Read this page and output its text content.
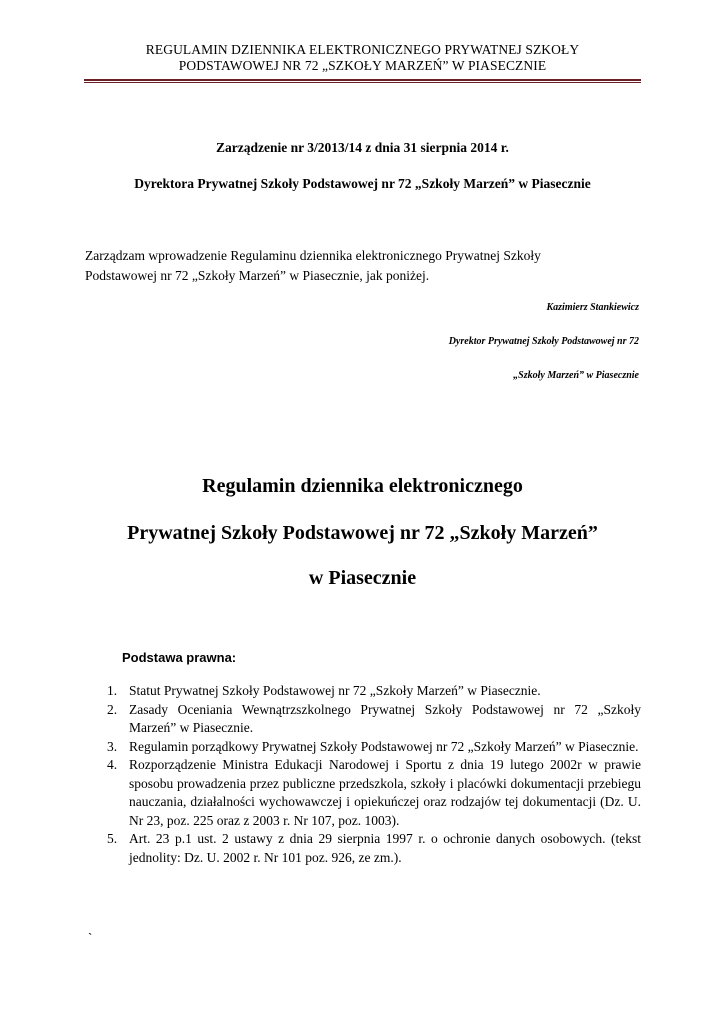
REGULAMIN DZIENNIKA ELEKTRONICZNEGO PRYWATNEJ SZKOŁY
PODSTAWOWEJ NR 72 „SZKOŁY MARZEŃ” W PIASECZNIE
Zarządzenie nr 3/2013/14 z dnia 31 sierpnia 2014 r.
Dyrektora Prywatnej Szkoły Podstawowej nr 72 „Szkoły Marzeń” w Piasecznie

Zarządzam wprowadzenie Regulaminu dziennika elektronicznego Prywatnej Szkoły Podstawowej nr 72 „Szkoły Marzeń” w Piasecznie, jak poniżej.

Kazimierz Stankiewicz
Dyrektor Prywatnej Szkoły Podstawowej nr 72
„Szkoły Marzeń” w Piasecznie
Regulamin dziennika elektronicznego
Prywatnej Szkoły Podstawowej nr 72 „Szkoły Marzeń”
w Piasecznie
Podstawa prawna:
1. Statut Prywatnej Szkoły Podstawowej nr 72 „Szkoły Marzeń” w Piasecznie.
2. Zasady Oceniania Wewnątrzszkolnego Prywatnej Szkoły Podstawowej nr 72 „Szkoły Marzeń” w Piasecznie.
3. Regulamin porządkowy Prywatnej Szkoły Podstawowej nr 72 „Szkoły Marzeń” w Piasecznie.
4. Rozporządzenie Ministra Edukacji Narodowej i Sportu z dnia 19 lutego 2002r w prawie sposobu prowadzenia przez publiczne przedszkola, szkoły i placówki dokumentacji przebiegu nauczania, działalności wychowawczej i opiekuńczej oraz rodzajów tej dokumentacji (Dz. U. Nr 23, poz. 225 oraz z 2003 r. Nr 107, poz. 1003).
5. Art. 23 p.1 ust. 2 ustawy z dnia 29 sierpnia 1997 r. o ochronie danych osobowych. (tekst jednolity: Dz. U. 2002 r. Nr 101 poz. 926, ze zm.).
`
